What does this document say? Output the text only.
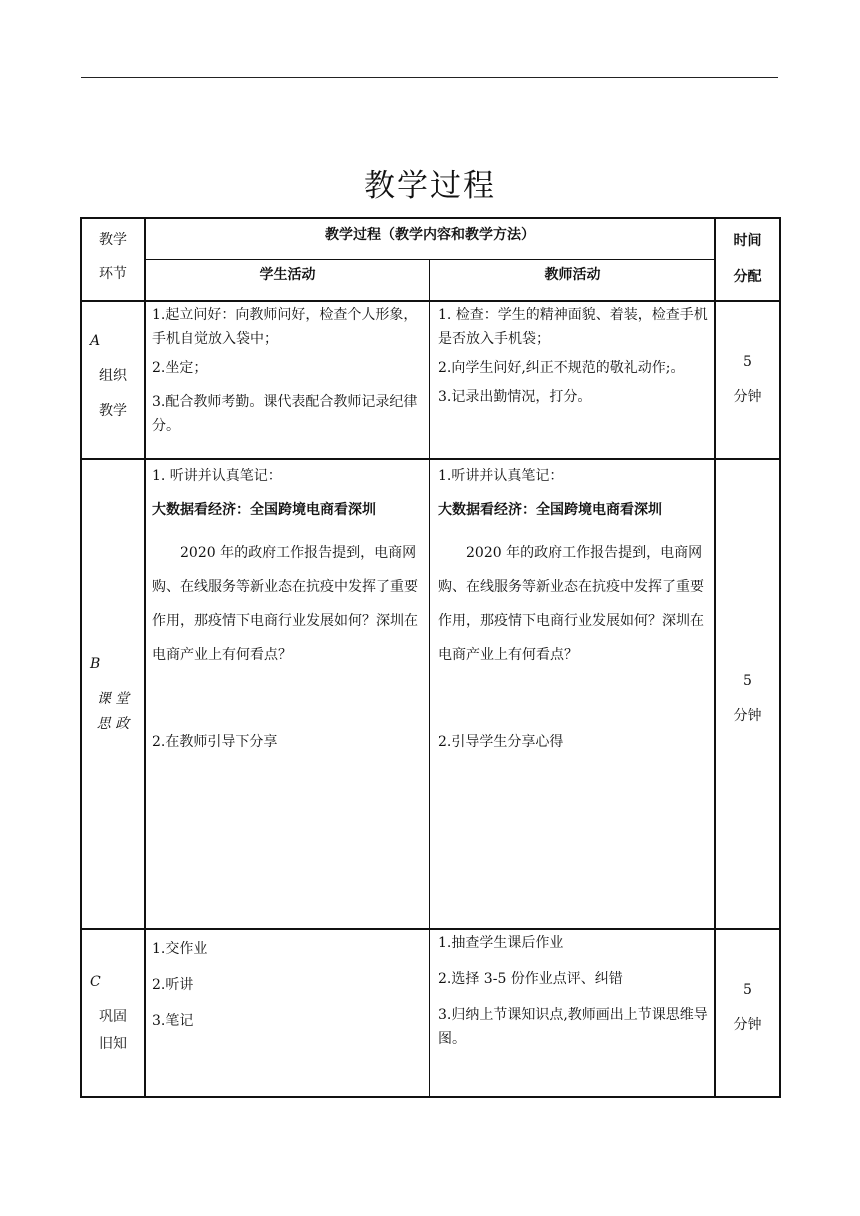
教学过程
教学
环节
教学过程（教学内容和教学方法）
学生活动	教师活动
时间
分配
A
组织
教学

1.起立问好：向教师问好，检查个人形象，手机自觉放入袋中；

2.坐定；

3.配合教师考勤。课代表配合教师记录纪律分。

1. 检查：学生的精神面貌、着装，检查手机是否放入手机袋；

2.向学生问好,纠正不规范的敬礼动作;。

3.记录出勤情况，打分。

5
分钟
B
课 堂
思 政

1. 听讲并认真笔记：

大数据看经济：全国跨境电商看深圳

2020 年的政府工作报告提到，电商网购、在线服务等新业态在抗疫中发挥了重要作用，那疫情下电商行业发展如何？深圳在电商产业上有何看点？

2.在教师引导下分享

1.听讲并认真笔记：

大数据看经济：全国跨境电商看深圳

2020 年的政府工作报告提到，电商网购、在线服务等新业态在抗疫中发挥了重要作用，那疫情下电商行业发展如何？深圳在电商产业上有何看点？

2.引导学生分享心得

5
分钟
C
巩固
旧知

1.交作业

2.听讲

3.笔记

1.抽查学生课后作业

2.选择 3-5 份作业点评、纠错

3.归纳上节课知识点,教师画出上节课思维导图。

5
分钟
